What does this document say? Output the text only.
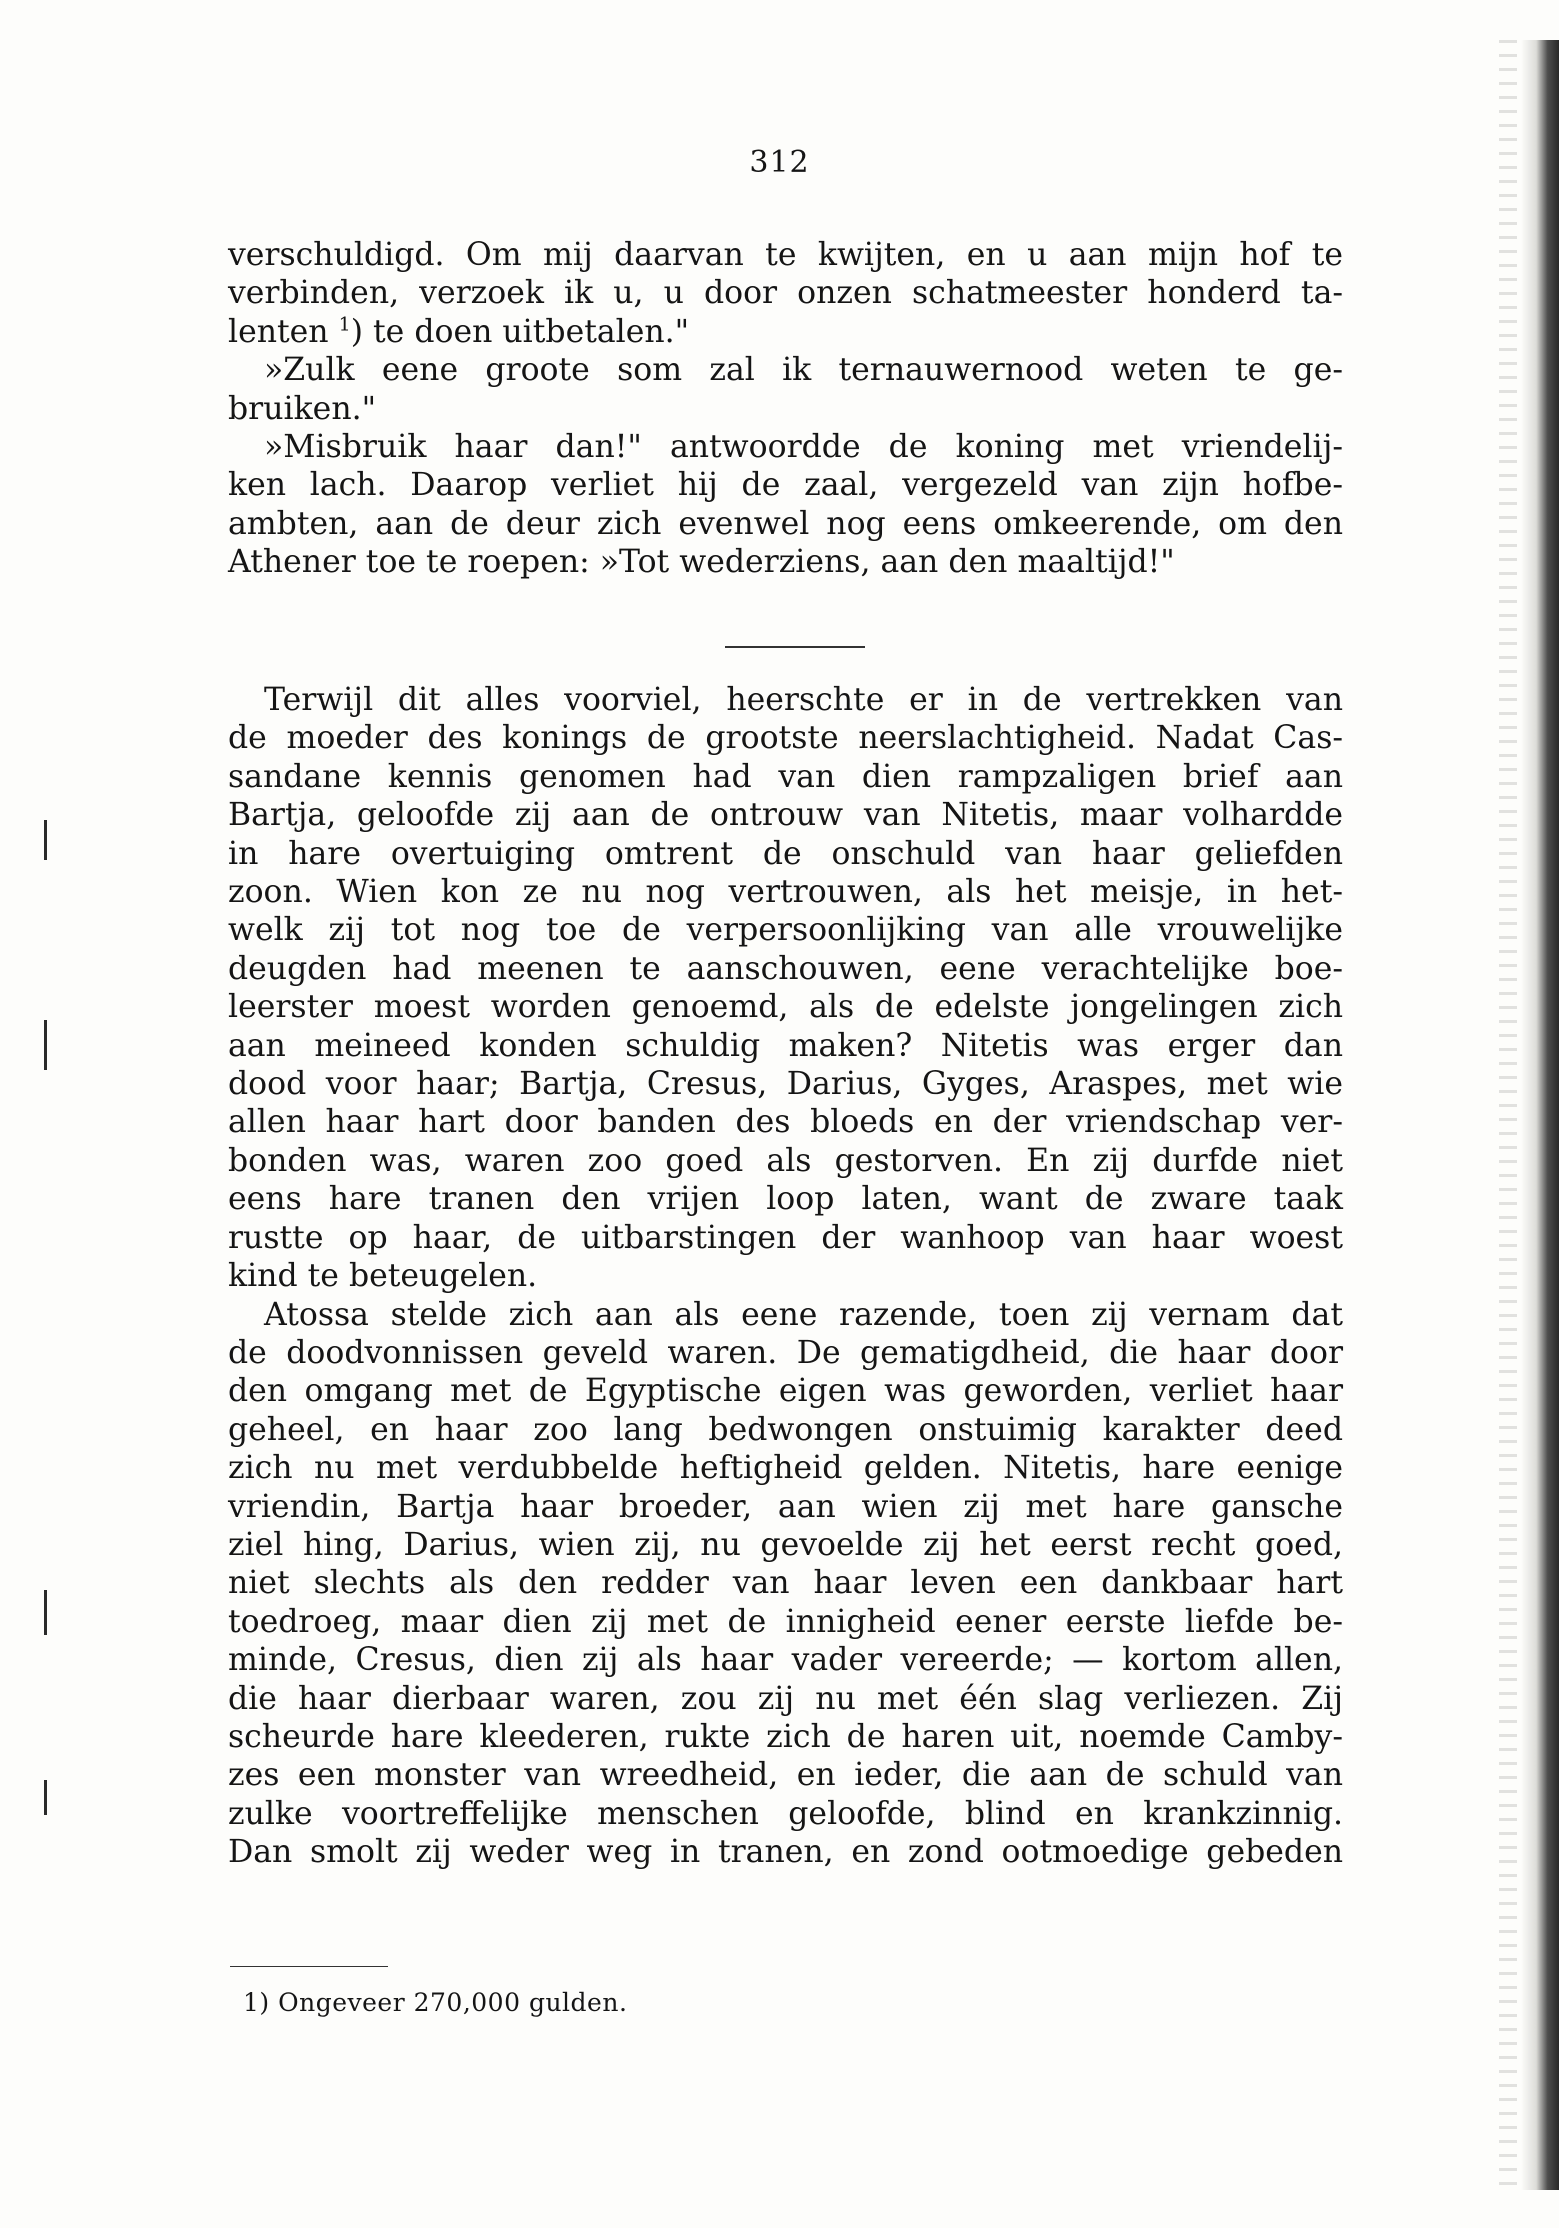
312
verschuldigd. Om mij daarvan te kwijten, en u aan mijn hof te
verbinden, verzoek ik u, u door onzen schatmeester honderd ta-
lenten $^1$) te doen uitbetalen."
»Zulk eene groote som zal ik ternauwernood weten te ge-
bruiken."
»Misbruik haar dan!" antwoordde de koning met vriendelij-
ken lach. Daarop verliet hij de zaal, vergezeld van zijn hofbe-
ambten, aan de deur zich evenwel nog eens omkeerende, om den
Athener toe te roepen: »Tot wederziens, aan den maaltijd!"
Terwijl dit alles voorviel, heerschte er in de vertrekken van
de moeder des konings de grootste neerslachtigheid. Nadat Cas-
sandane kennis genomen had van dien rampzaligen brief aan
Bartja, geloofde zij aan de ontrouw van Nitetis, maar volhardde
in hare overtuiging omtrent de onschuld van haar geliefden
zoon. Wien kon ze nu nog vertrouwen, als het meisje, in het-
welk zij tot nog toe de verpersoonlijking van alle vrouwelijke
deugden had meenen te aanschouwen, eene verachtelijke boe-
leerster moest worden genoemd, als de edelste jongelingen zich
aan meineed konden schuldig maken? Nitetis was erger dan
dood voor haar; Bartja, Cresus, Darius, Gyges, Araspes, met wie
allen haar hart door banden des bloeds en der vriendschap ver-
bonden was, waren zoo goed als gestorven. En zij durfde niet
eens hare tranen den vrijen loop laten, want de zware taak
rustte op haar, de uitbarstingen der wanhoop van haar woest
kind te beteugelen.
Atossa stelde zich aan als eene razende, toen zij vernam dat
de doodvonnissen geveld waren. De gematigdheid, die haar door
den omgang met de Egyptische eigen was geworden, verliet haar
geheel, en haar zoo lang bedwongen onstuimig karakter deed
zich nu met verdubbelde heftigheid gelden. Nitetis, hare eenige
vriendin, Bartja haar broeder, aan wien zij met hare gansche
ziel hing, Darius, wien zij, nu gevoelde zij het eerst recht goed,
niet slechts als den redder van haar leven een dankbaar hart
toedroeg, maar dien zij met de innigheid eener eerste liefde be-
minde, Cresus, dien zij als haar vader vereerde; — kortom allen,
die haar dierbaar waren, zou zij nu met één slag verliezen. Zij
scheurde hare kleederen, rukte zich de haren uit, noemde Camby-
zes een monster van wreedheid, en ieder, die aan de schuld van
zulke voortreffelijke menschen geloofde, blind en krankzinnig.
Dan smolt zij weder weg in tranen, en zond ootmoedige gebeden
1) Ongeveer 270,000 gulden.
